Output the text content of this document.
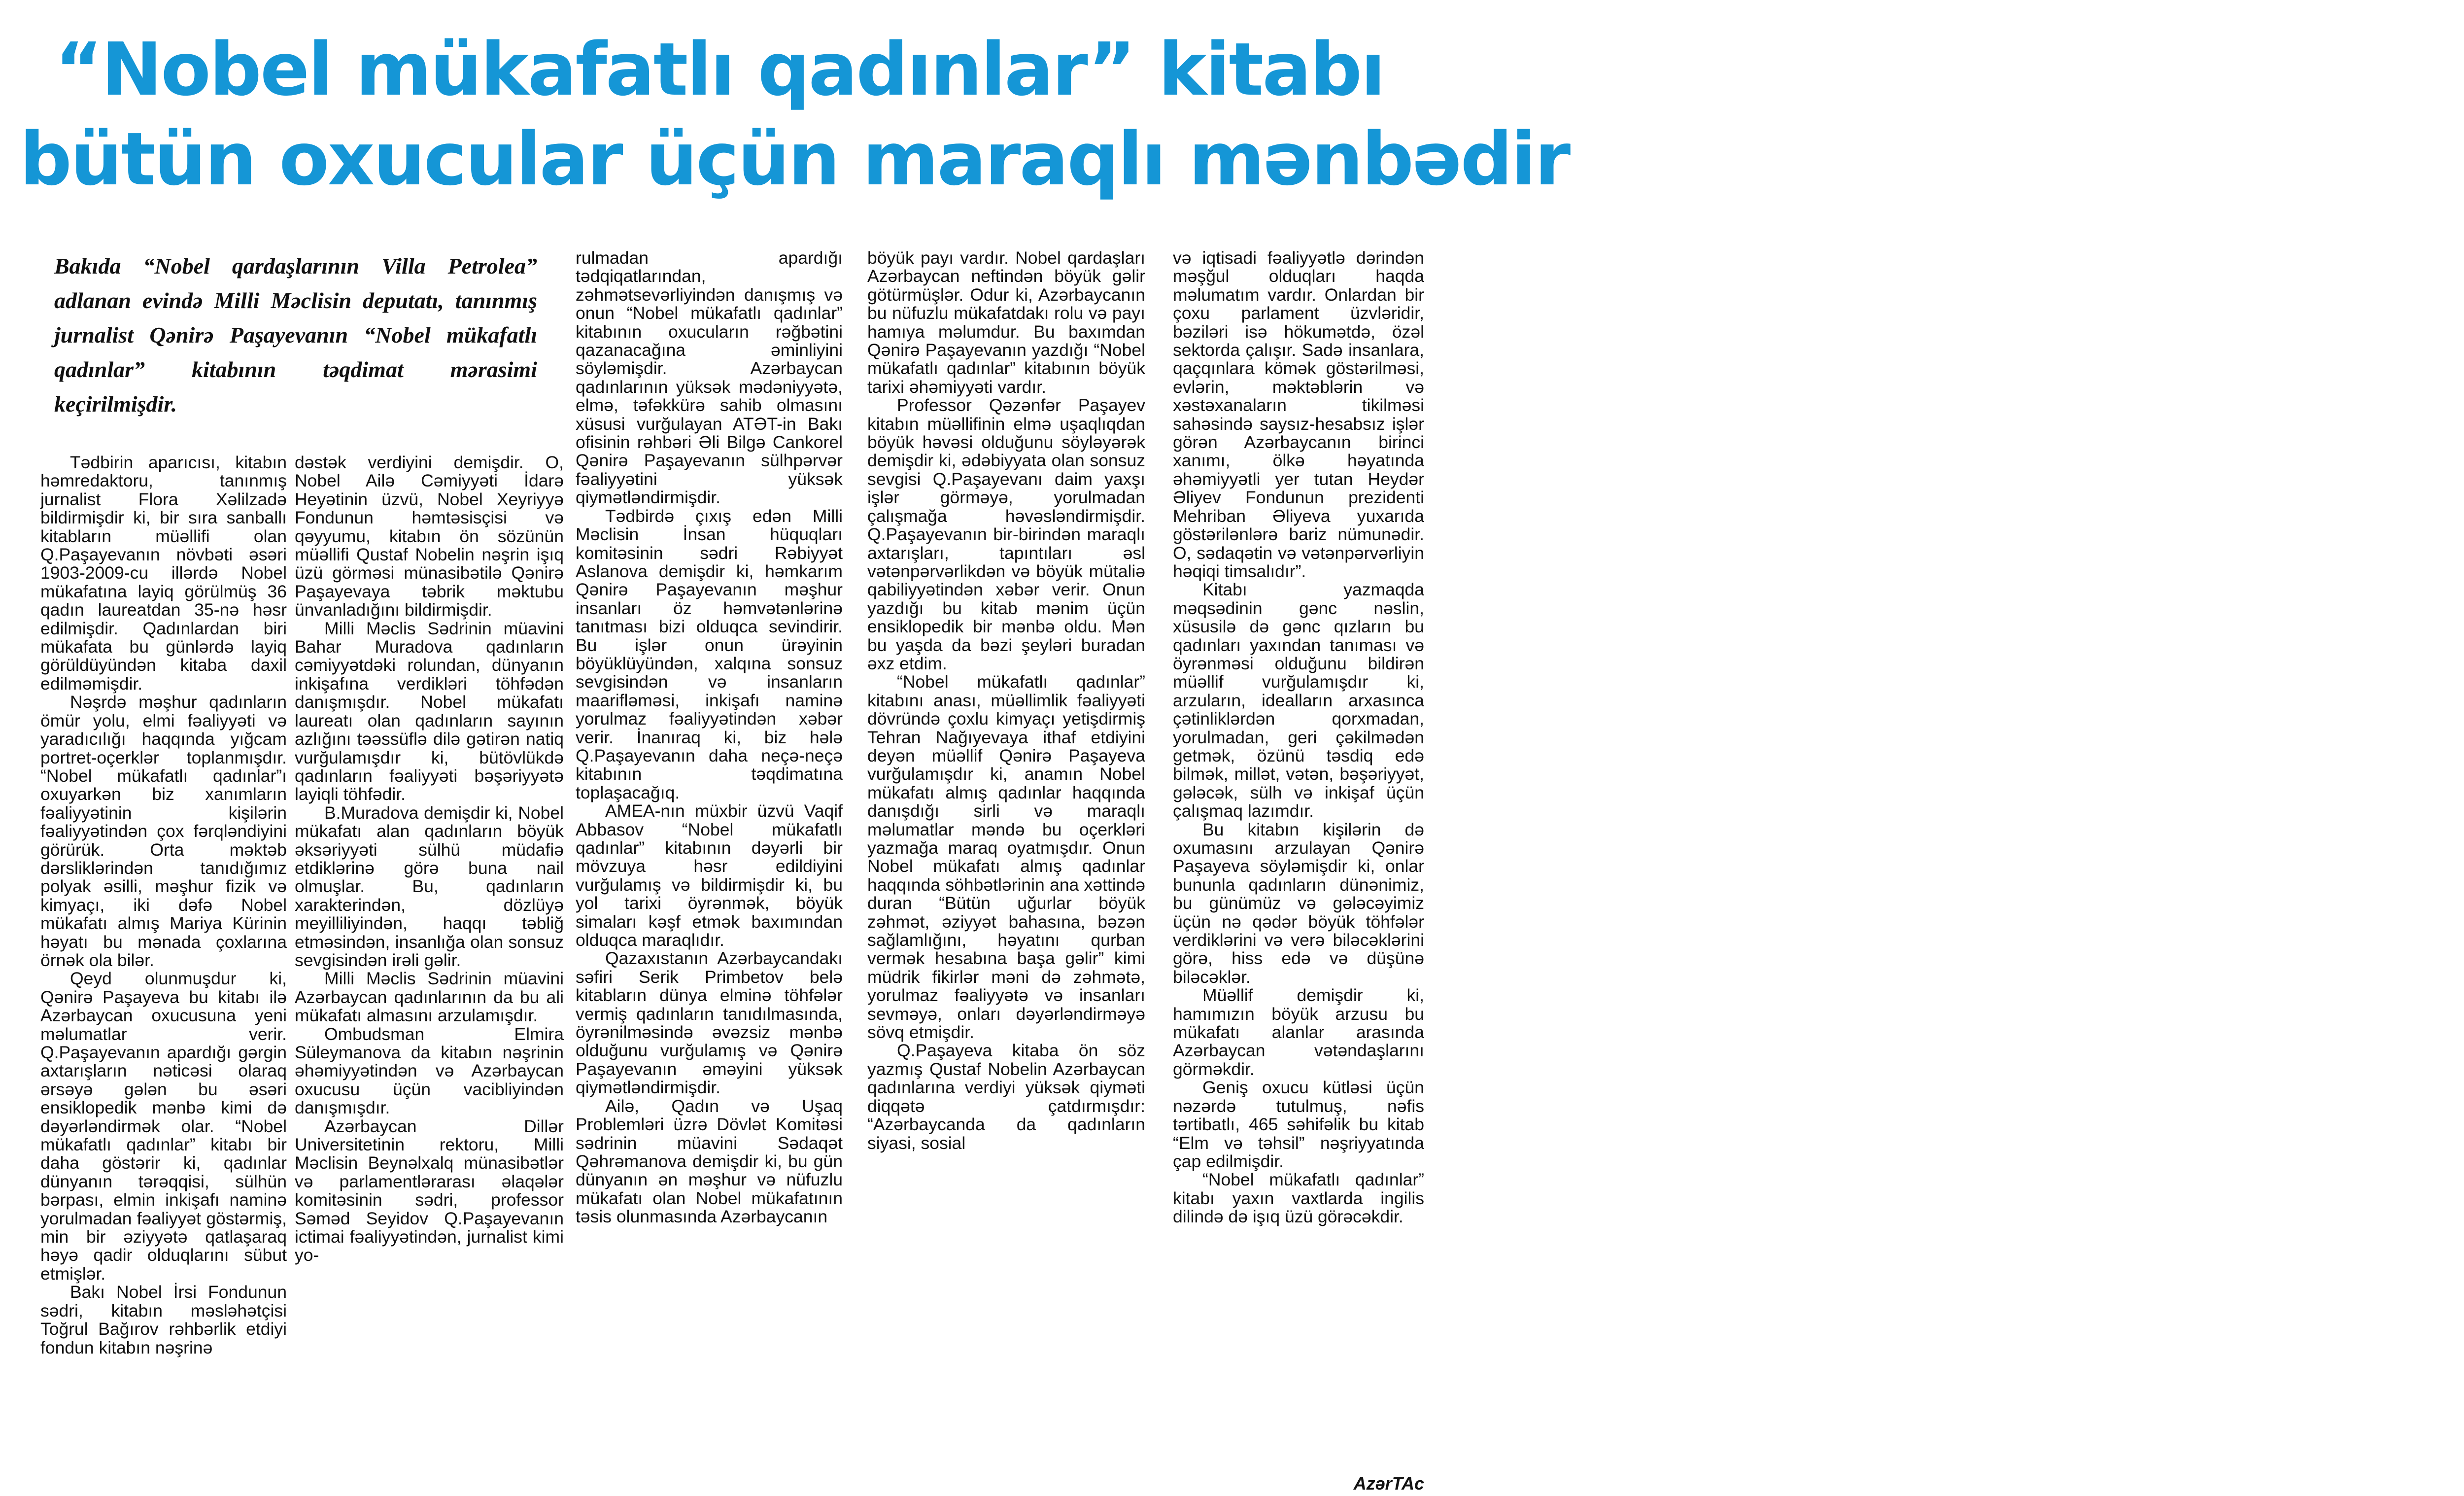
“Nobel mükafatlı qadınlar” kitabı
bütün oxucular üçün maraqlı mənbədir

Bakıda “Nobel qardaşlarının Villa Petrolea” adlanan evində Milli Məclisin deputatı, tanınmış jurnalist Qənirə Paşayevanın “Nobel mükafatlı qadınlar” kitabının təqdimat mərasimi keçirilmişdir.

Tədbirin aparıcısı, kitabın həmredaktoru, tanınmış jurnalist Flora Xəlilzadə bildirmişdir ki, bir sıra sanballı kitabların müəllifi olan Q.Paşayevanın növbəti əsəri 1903-2009-cu illərdə Nobel mükafatına layiq görülmüş 36 qadın laureatdan 35-nə həsr edilmişdir. Qadınlardan biri mükafata bu günlərdə layiq görüldüyündən kitaba daxil edilməmişdir.

Nəşrdə məşhur qadınların ömür yolu, elmi fəaliyyəti və yaradıcılığı haqqında yığcam portret-oçerklər toplanmışdır. “Nobel mükafatlı qadınlar”ı oxuyarkən biz xanımların fəaliyyətinin kişilərin fəaliyyətindən çox fərqləndiyini görürük. Orta məktəb dərsliklərindən tanıdığımız polyak əsilli, məşhur fizik və kimyaçı, iki dəfə Nobel mükafatı almış Mariya Kürinin həyatı bu mənada çoxlarına örnək ola bilər.

Qeyd olunmuşdur ki, Qənirə Paşayeva bu kitabı ilə Azərbaycan oxucusuna yeni məlumatlar verir. Q.Paşayevanın apardığı gərgin axtarışların nəticəsi olaraq ərsəyə gələn bu əsəri ensiklopedik mənbə kimi də dəyərləndirmək olar. “Nobel mükafatlı qadınlar” kitabı bir daha göstərir ki, qadınlar dünyanın tərəqqisi, sülhün bərpası, elmin inkişafı naminə yorulmadan fəaliyyət göstərmiş, min bir əziyyətə qatlaşaraq həyə qadir olduqlarını sübut etmişlər.

Bakı Nobel İrsi Fondunun sədri, kitabın məsləhətçisi Toğrul Bağırov rəhbərlik etdiyi fondun kitabın nəşrinə

dəstək verdiyini demişdir. O, Nobel Ailə Cəmiyyəti İdarə Heyətinin üzvü, Nobel Xeyriyyə Fondunun həmtəsisçisi və qəyyumu, kitabın ön sözünün müəllifi Qustaf Nobelin nəşrin işıq üzü görməsi münasibətilə Qənirə Paşayevaya təbrik məktubu ünvanladığını bildirmişdir.

Milli Məclis Sədrinin müavini Bahar Muradova qadınların cəmiyyətdəki rolundan, dünyanın inkişafına verdikləri töhfədən danışmışdır. Nobel mükafatı laureatı olan qadınların sayının azlığını təəssüflə dilə gətirən natiq vurğulamışdır ki, bütövlükdə qadınların fəaliyyəti bəşəriyyətə layiqli töhfədir.

B.Muradova demişdir ki, Nobel mükafatı alan qadınların böyük əksəriyyəti sülhü müdafiə etdiklərinə görə buna nail olmuşlar. Bu, qadınların xarakterindən, dözlüyə meyilliliyindən, haqqı təbliğ etməsindən, insanlığa olan sonsuz sevgisindən irəli gəlir.

Milli Məclis Sədrinin müavini Azərbaycan qadınlarının da bu ali mükafatı almasını arzulamışdır.

Ombudsman Elmira Süleymanova da kitabın nəşrinin əhəmiyyətindən və Azərbaycan oxucusu üçün vacibliyindən danışmışdır.

Azərbaycan Dillər Universitetinin rektoru, Milli Məclisin Beynəlxalq münasibətlər və parlamentlərarası əlaqələr komitəsinin sədri, professor Səməd Seyidov Q.Paşayevanın ictimai fəaliyyətindən, jurnalist kimi yo-

rulmadan apardığı tədqiqatlarından, zəhmətsevərliyindən danışmış və onun “Nobel mükafatlı qadınlar” kitabının oxucuların rəğbətini qazanacağına əminliyini söyləmişdir. Azərbaycan qadınlarının yüksək mədəniyyətə, elmə, təfəkkürə sahib olmasını xüsusi vurğulayan ATƏT-in Bakı ofisinin rəhbəri Əli Bilgə Cankorel Qənirə Paşayevanın sülhpərvər fəaliyyətini yüksək qiymətləndirmişdir.

Tədbirdə çıxış edən Milli Məclisin İnsan hüquqları komitəsinin sədri Rəbiyyət Aslanova demişdir ki, həmkarım Qənirə Paşayevanın məşhur insanları öz həmvətənlərinə tanıtması bizi olduqca sevindirir. Bu işlər onun ürəyinin böyüklüyündən, xalqına sonsuz sevgisindən və insanların maarifləməsi, inkişafı naminə yorulmaz fəaliyyətindən xəbər verir. İnanıraq ki, biz hələ Q.Paşayevanın daha neçə-neçə kitabının təqdimatına toplaşacağıq.

AMEA-nın müxbir üzvü Vaqif Abbasov “Nobel mükafatlı qadınlar” kitabının dəyərli bir mövzuya həsr edildiyini vurğulamış və bildirmişdir ki, bu yol tarixi öyrənmək, böyük simaları kəşf etmək baxımından olduqca maraqlıdır.

Qazaxıstanın Azərbaycandakı səfiri Serik Primbetov belə kitabların dünya elminə töhfələr vermiş qadınların tanıdılmasında, öyrənilməsində əvəzsiz mənbə olduğunu vurğulamış və Qənirə Paşayevanın əməyini yüksək qiymətləndirmişdir.

Ailə, Qadın və Uşaq Problemləri üzrə Dövlət Komitəsi sədrinin müavini Sədaqət Qəhrəmanova demişdir ki, bu gün dünyanın ən məşhur və nüfuzlu mükafatı olan Nobel mükafatının təsis olunmasında Azərbaycanın

böyük payı vardır. Nobel qardaşları Azərbaycan neftindən böyük gəlir götürmüşlər. Odur ki, Azərbaycanın bu nüfuzlu mükafatdakı rolu və payı hamıya məlumdur. Bu baxımdan Qənirə Paşayevanın yazdığı “Nobel mükafatlı qadınlar” kitabının böyük tarixi əhəmiyyəti vardır.

Professor Qəzənfər Paşayev kitabın müəllifinin elmə uşaqlıqdan böyük həvəsi olduğunu söyləyərək demişdir ki, ədəbiyyata olan sonsuz sevgisi Q.Paşayevanı daim yaxşı işlər görməyə, yorulmadan çalışmağa həvəsləndirmişdir. Q.Paşayevanın bir-birindən maraqlı axtarışları, tapıntıları əsl vətənpərvərlikdən və böyük mütaliə qabiliyyətindən xəbər verir. Onun yazdığı bu kitab mənim üçün ensiklopedik bir mənbə oldu. Mən bu yaşda da bəzi şeyləri buradan əxz etdim.

“Nobel mükafatlı qadınlar” kitabını anası, müəllimlik fəaliyyəti dövründə çoxlu kimyaçı yetişdirmiş Tehran Nağıyevaya ithaf etdiyini deyən müəllif Qənirə Paşayeva vurğulamışdır ki, anamın Nobel mükafatı almış qadınlar haqqında danışdığı sirli və maraqlı məlumatlar məndə bu oçerkləri yazmağa maraq oyatmışdır. Onun Nobel mükafatı almış qadınlar haqqında söhbətlərinin ana xəttində duran “Bütün uğurlar böyük zəhmət, əziyyət bahasına, bəzən sağlamlığını, həyatını qurban vermək hesabına başa gəlir” kimi müdrik fikirlər məni də zəhmətə, yorulmaz fəaliyyətə və insanları sevməyə, onları dəyərləndirməyə sövq etmişdir.

Q.Paşayeva kitaba ön söz yazmış Qustaf Nobelin Azərbaycan qadınlarına verdiyi yüksək qiyməti diqqətə çatdırmışdır: “Azərbaycanda da qadınların siyasi, sosial

və iqtisadi fəaliyyətlə dərindən məşğul olduqları haqda məlumatım vardır. Onlardan bir çoxu parlament üzvləridir, bəziləri isə hökumətdə, özəl sektorda çalışır. Sadə insanlara, qaçqınlara kömək göstərilməsi, evlərin, məktəblərin və xəstəxanaların tikilməsi sahəsində saysız-hesabsız işlər görən Azərbaycanın birinci xanımı, ölkə həyatında əhəmiyyətli yer tutan Heydər Əliyev Fondunun prezidenti Mehriban Əliyeva yuxarıda göstərilənlərə bariz nümunədir. O, sədaqətin və vətənpərvərliyin həqiqi timsalıdır”.

Kitabı yazmaqda məqsədinin gənc nəslin, xüsusilə də gənc qızların bu qadınları yaxından tanıması və öyrənməsi olduğunu bildirən müəllif vurğulamışdır ki, arzuların, idealların arxasınca çətinliklərdən qorxmadan, yorulmadan, geri çəkilmədən getmək, özünü təsdiq edə bilmək, millət, vətən, bəşəriyyət, gələcək, sülh və inkişaf üçün çalışmaq lazımdır.

Bu kitabın kişilərin də oxumasını arzulayan Qənirə Paşayeva söyləmişdir ki, onlar bununla qadınların dünənimiz, bu günümüz və gələcəyimiz üçün nə qədər böyük töhfələr verdiklərini və verə biləcəklərini görə, hiss edə və düşünə biləcəklər.

Müəllif demişdir ki, hamımızın böyük arzusu bu mükafatı alanlar arasında Azərbaycan vətəndaşlarını görməkdir.

Geniş oxucu kütləsi üçün nəzərdə tutulmuş, nəfis tərtibatlı, 465 səhifəlik bu kitab “Elm və təhsil” nəşriyyatında çap edilmişdir.

“Nobel mükafatlı qadınlar” kitabı yaxın vaxtlarda ingilis dilində də işıq üzü görəcəkdir.

AzərTAc
